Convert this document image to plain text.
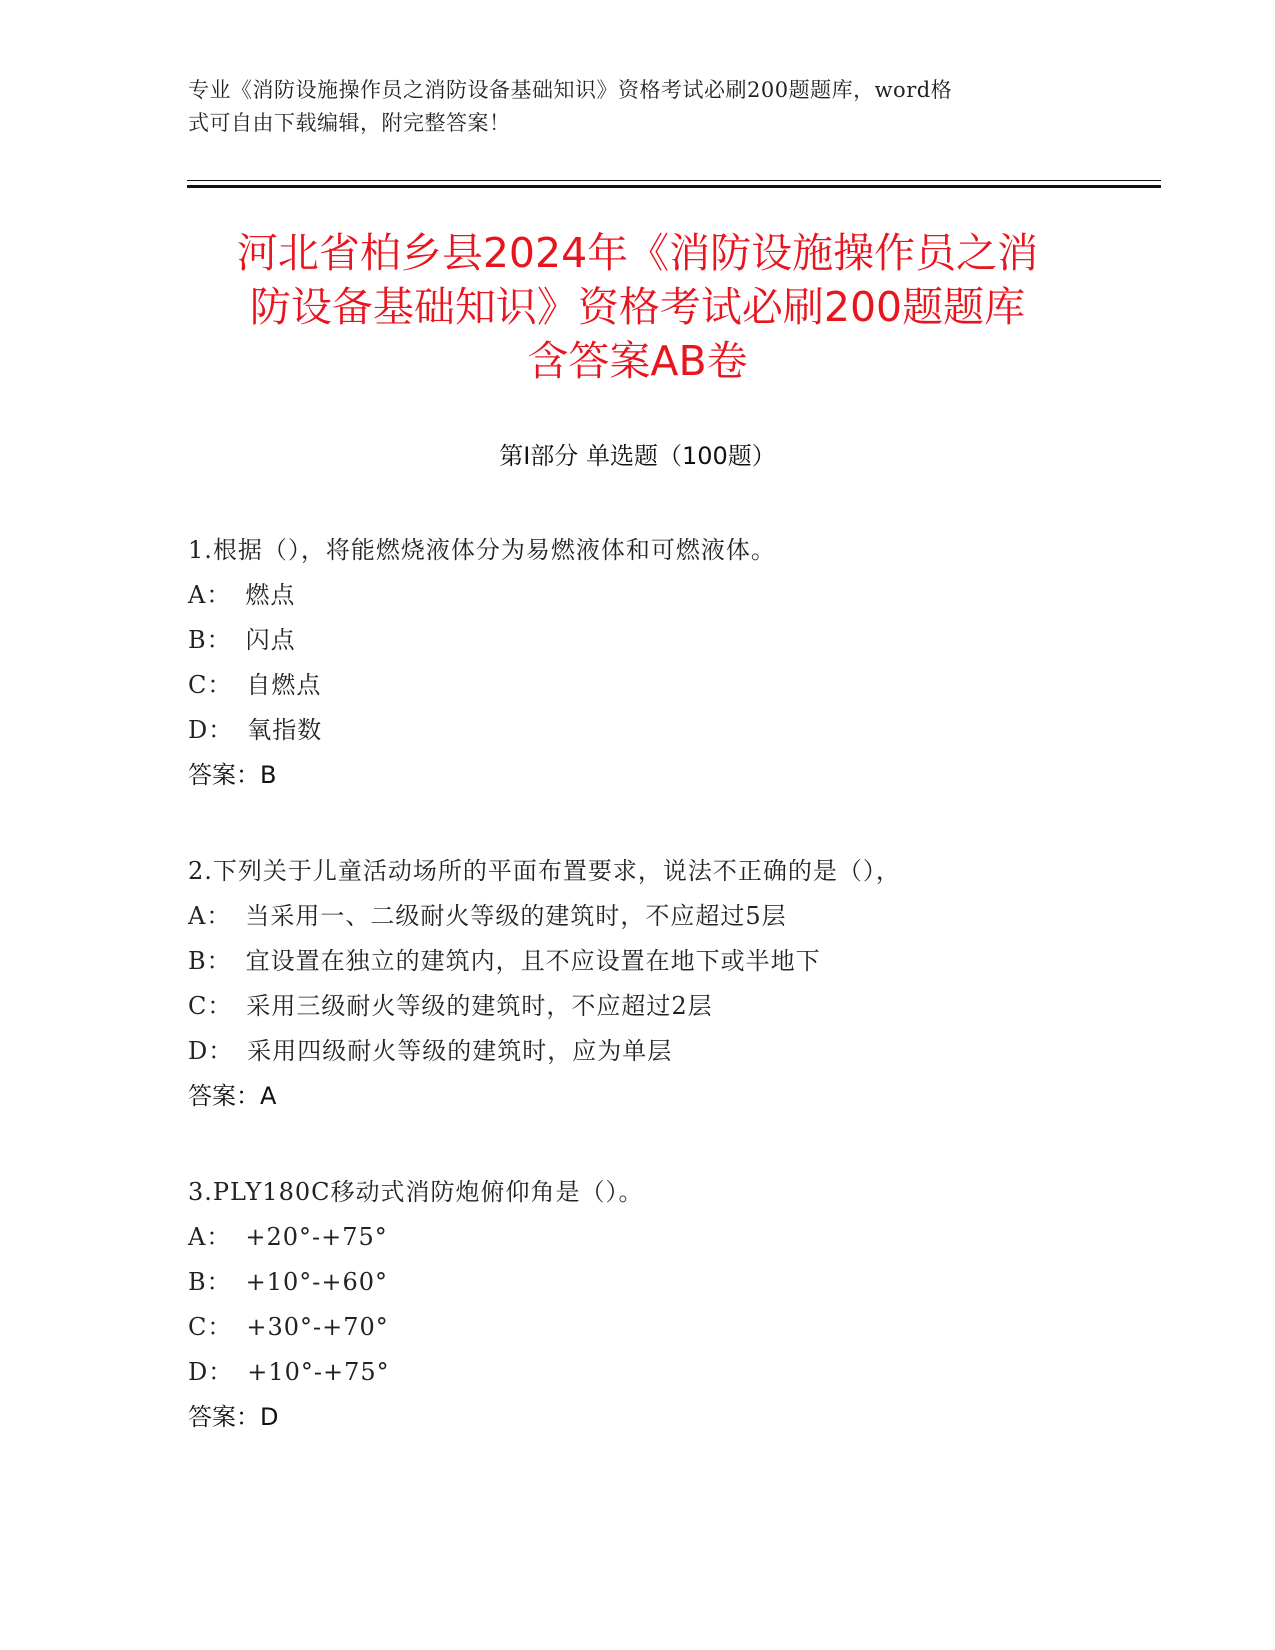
专业《消防设施操作员之消防设备基础知识》资格考试必刷200题题库，word格
式可自由下载编辑，附完整答案！

河北省柏乡县2024年《消防设施操作员之消
防设备基础知识》资格考试必刷200题题库
含答案AB卷
第Ⅰ部分 单选题（100题）
1.根据（），将能燃烧液体分为易燃液体和可燃液体。
A： 燃点
B： 闪点
C： 自燃点
D： 氧指数
答案：B
2.下列关于儿童活动场所的平面布置要求，说法不正确的是（），
A： 当采用一、二级耐火等级的建筑时，不应超过5层
B： 宜设置在独立的建筑内，且不应设置在地下或半地下
C： 采用三级耐火等级的建筑时，不应超过2层
D： 采用四级耐火等级的建筑时，应为单层
答案：A
3.PLY180C移动式消防炮俯仰角是（）。
A： +20°-+75°
B： +10°-+60°
C： +30°-+70°
D： +10°-+75°
答案：D
